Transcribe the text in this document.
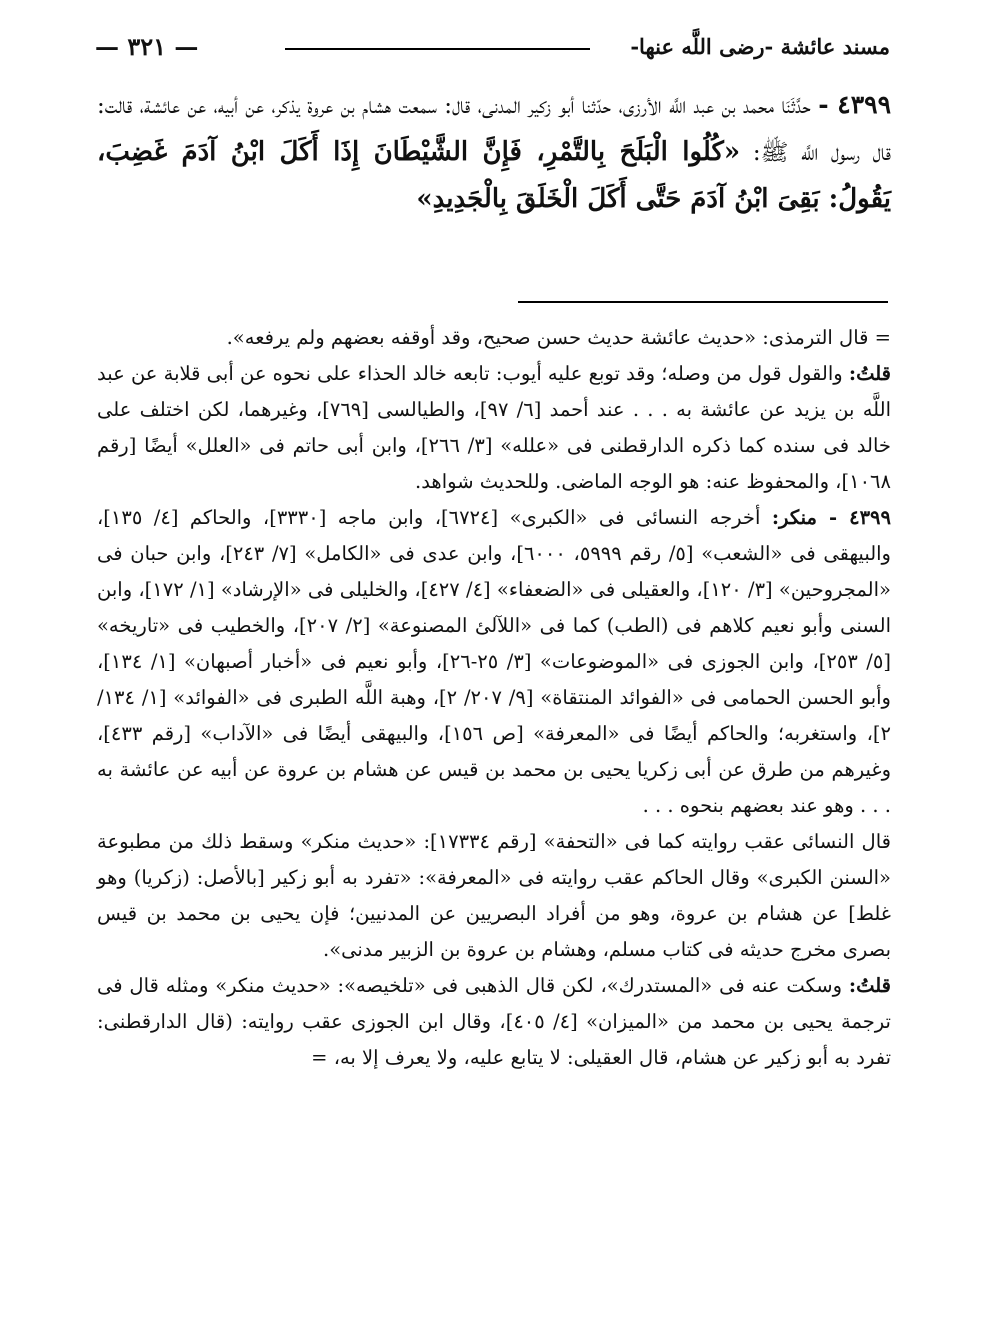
مسند عائشة -رضى اللَّه عنها-
— ٣٢١ —
٤٣٩٩ - حدَّثَنَا محمد بن عبد اللَّه الأرزى، حدّثنا أبو زكير المدنى، قال: سمعت هشام بن عروة يذكر، عن أبيه، عن عائشة، قالت: قال رسول اللَّه ﷺ: «كُلُوا الْبَلَحَ بِالتَّمْرِ، فَإِنَّ الشَّيْطَانَ إِذَا أَكَلَ ابْنُ آدَمَ غَضِبَ، يَقُولُ: بَقِىَ ابْنُ آدَمَ حَتَّى أَكَلَ الْخَلَقَ بِالْجَدِيدِ»

= قال الترمذى: «حديث عائشة حديث حسن صحيح، وقد أوقفه بعضهم ولم يرفعه».

قلتُ: والقول قول من وصله؛ وقد توبع عليه أيوب: تابعه خالد الحذاء على نحوه عن أبى قلابة عن عبد اللَّه بن يزيد عن عائشة به . . . عند أحمد [٦/ ٩٧]، والطيالسى [٧٦٩]، وغيرهما، لكن اختلف على خالد فى سنده كما ذكره الدارقطنى فى «علله» [٣/ ٢٦٦]، وابن أبى حاتم فى «العلل» أيضًا [رقم ١٠٦٨]، والمحفوظ عنه: هو الوجه الماضى. وللحديث شواهد.

٤٣٩٩ - منكر: أخرجه النسائى فى «الكبرى» [٦٧٢٤]، وابن ماجه [٣٣٣٠]، والحاكم [٤/ ١٣٥]، والبيهقى فى «الشعب» [٥/ رقم ٥٩٩٩، ٦٠٠٠]، وابن عدى فى «الكامل» [٧/ ٢٤٣]، وابن حبان فى «المجروحين» [٣/ ١٢٠]، والعقيلى فى «الضعفاء» [٤/ ٤٢٧]، والخليلى فى «الإرشاد» [١/ ١٧٢]، وابن السنى وأبو نعيم كلاهم فى (الطب) كما فى «اللآلئ المصنوعة» [٢/ ٢٠٧]، والخطيب فى «تاريخه» [٥/ ٢٥٣]، وابن الجوزى فى «الموضوعات» [٣/ ٢٥-٢٦]، وأبو نعيم فى «أخبار أصبهان» [١/ ١٣٤]، وأبو الحسن الحمامى فى «الفوائد المنتقاة» [٩/ ٢٠٧/ ٢]، وهبة اللَّه الطبرى فى «الفوائد» [١/ ١٣٤/ ٢]، واستغربه؛ والحاكم أيضًا فى «المعرفة» [ص ١٥٦]، والبيهقى أيضًا فى «الآداب» [رقم ٤٣٣]، وغيرهم من طرق عن أبى زكريا يحيى بن محمد بن قيس عن هشام بن عروة عن أبيه عن عائشة به . . . وهو عند بعضهم بنحوه . . .

قال النسائى عقب روايته كما فى «التحفة» [رقم ١٧٣٣٤]: «حديث منكر» وسقط ذلك من مطبوعة «السنن الكبرى» وقال الحاكم عقب روايته فى «المعرفة»: «تفرد به أبو زكير [بالأصل: (زكريا) وهو غلط] عن هشام بن عروة، وهو من أفراد البصريين عن المدنيين؛ فإن يحيى بن محمد بن قيس بصرى مخرج حديثه فى كتاب مسلم، وهشام بن عروة بن الزبير مدنى».

قلتُ: وسكت عنه فى «المستدرك»، لكن قال الذهبى فى «تلخيصه»: «حديث منكر» ومثله قال فى ترجمة يحيى بن محمد من «الميزان» [٤/ ٤٠٥]، وقال ابن الجوزى عقب روايته: (قال الدارقطنى: تفرد به أبو زكير عن هشام، قال العقيلى: لا يتابع عليه، ولا يعرف إلا به، =
